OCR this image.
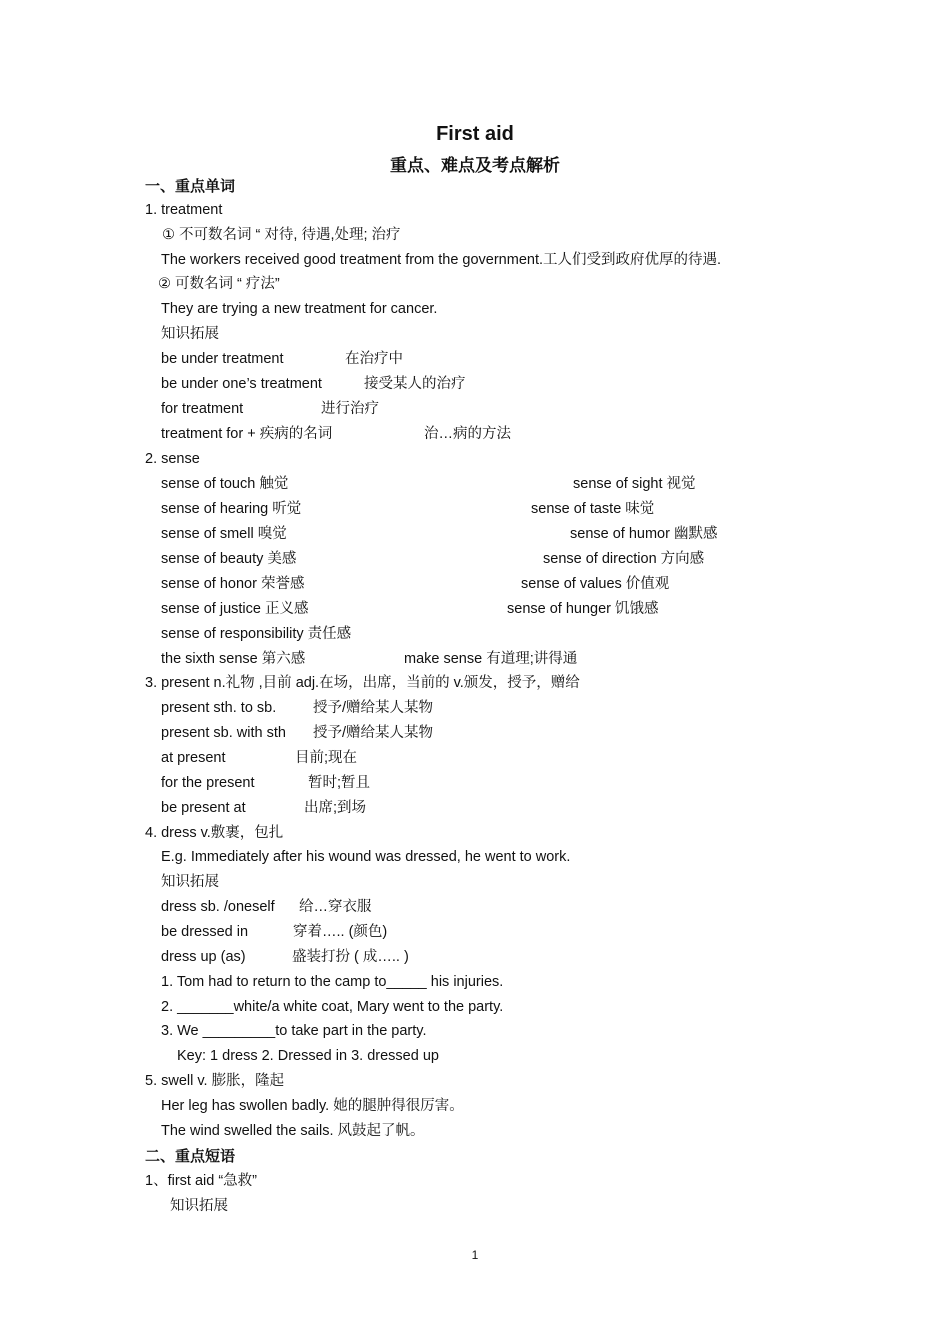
First aid
重点、难点及考点解析
一、重点单词
1. treatment
① 不可数名词 “ 对待, 待遇,处理; 治疗
The workers received good treatment from the government.工人们受到政府优厚的待遇.
② 可数名词 “ 疗法”
They are trying a new treatment for cancer.
知识拓展
be under treatment	在治疗中
be under one’s treatment	接受某人的治疗
for treatment	进行治疗
treatment for + 疾病的名词	治…病的方法
2. sense
sense of touch 触觉	sense of sight 视觉
sense of hearing 听觉	sense of taste 味觉
sense of smell 嗅觉	sense of humor 幽默感
sense of beauty 美感	sense of direction 方向感
sense of honor 荣誉感	sense of values 价值观
sense of justice 正义感	sense of hunger 饥饿感
sense of responsibility 责任感
the sixth sense 第六感	make sense 有道理;讲得通
3. present n.礼物 ,目前 adj.在场，出席，当前的 v.颁发，授予，赠给
present sth. to sb.	授予/赠给某人某物
present sb. with sth 授予/赠给某人某物
at present	目前;现在
for the present	暂时;暂且
be present at	出席;到场
4. dress v.敷裹，包扎
E.g. Immediately after his wound was dressed, he went to work.
知识拓展
dress sb. /oneself 给…穿衣服
be dressed in	穿着….. (颜色)
dress up (as)	盛装打扮 ( 成….. )
1. Tom had to return to the camp to_____ his injuries.
2. _______white/a white coat, Mary went to the party.
3. We _________to take part in the party.
Key: 1 dress 2. Dressed in 3. dressed up
5. swell v. 膨胀，隆起
Her leg has swollen badly. 她的腿肿得很厉害。
The wind swelled the sails. 风鼓起了帆。
二、重点短语
1、first aid “急救”
知识拓展
1
